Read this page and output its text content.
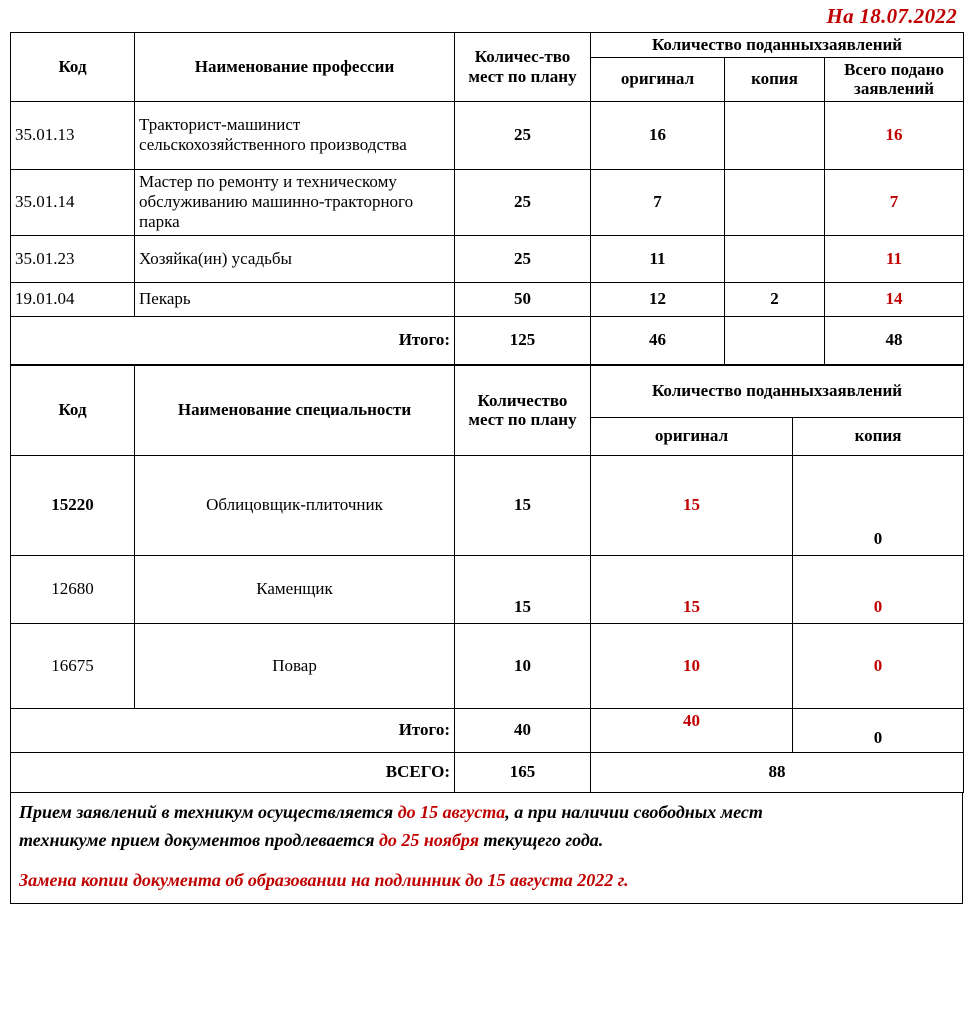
На 18.07.2022
Код	Наименование профессии	Количес-тво мест по плану	Количество поданныхзаявлений		
			оригинал	копия	Всего подано заявлений
35.01.13	Тракторист-машинист сельскохозяйственного производства	25	16		16
35.01.14	Мастер по ремонту и техническому обслуживанию машинно-тракторного парка	25	7		7
35.01.23	Хозяйка(ин) усадьбы	25	11		11
19.01.04	Пекарь	50	12	2	14
Итого:		125	46		48
Код	Наименование специальности	Количество мест по плану	Количество поданныхзаявлений	
			оригинал	копия
15220	Облицовщик-плиточник	15	15	0
12680	Каменщик	15	15	0
16675	Повар	10	10	0
Итого:		40	40	0
ВСЕГО:		165	88	

Прием заявлений в техникум осуществляется до 15 августа, а при наличии свободных мест

техникуме прием документов продлевается до 25 ноября текущего года.

Замена копии документа об образовании на подлинник до 15 августа 2022 г.
